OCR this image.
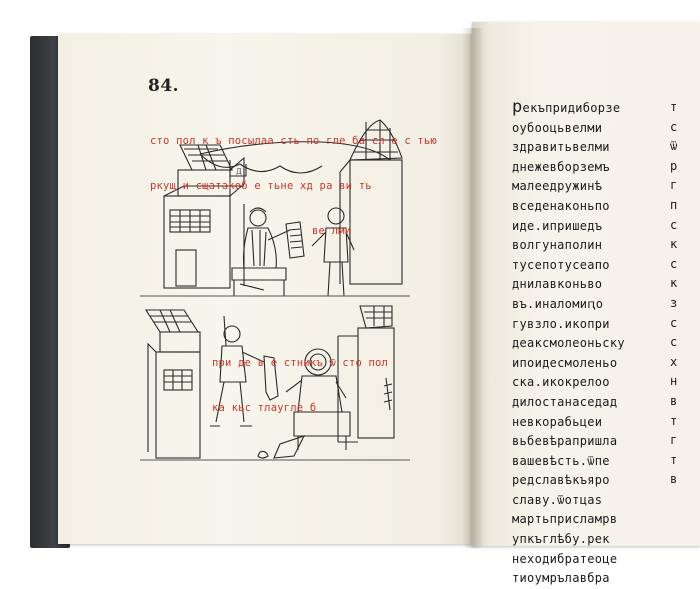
84.
Д

сто пол к ъ посылаа сть по гле ба сл е с тью

ркущ и сщатакоб е тьне хд ра ви ть

ве лми

при де в е стникъ ѿ сто пол

ка кьс тлаугле б

рекъпридиборзе
оубооцьвелми
здравитьвелми
днежевборземъ
малеедружинѣ
вседенаконьпо
иде.ипришедъ
волгунаполин
тусепотусеапо
днилавконьво
въ.иналомиԥо
гувзло.икопри
деаксмолеоньску
ипоидесмоленьо
ска.икокрелоо
дилостанаседад
невкорабьцеи
вьбевѣрапришла
вашевѣсть.ѿпе
редславѣкъяро
славу.ѿотцаѕ
мартьприсламрв
упкъглѣбу.рек
неходибратеоце
тиоумрълавбра
т
с
ѿ
р
г
п
с
к
с
к
з
с
с
х
н
в
т
г
т
в
